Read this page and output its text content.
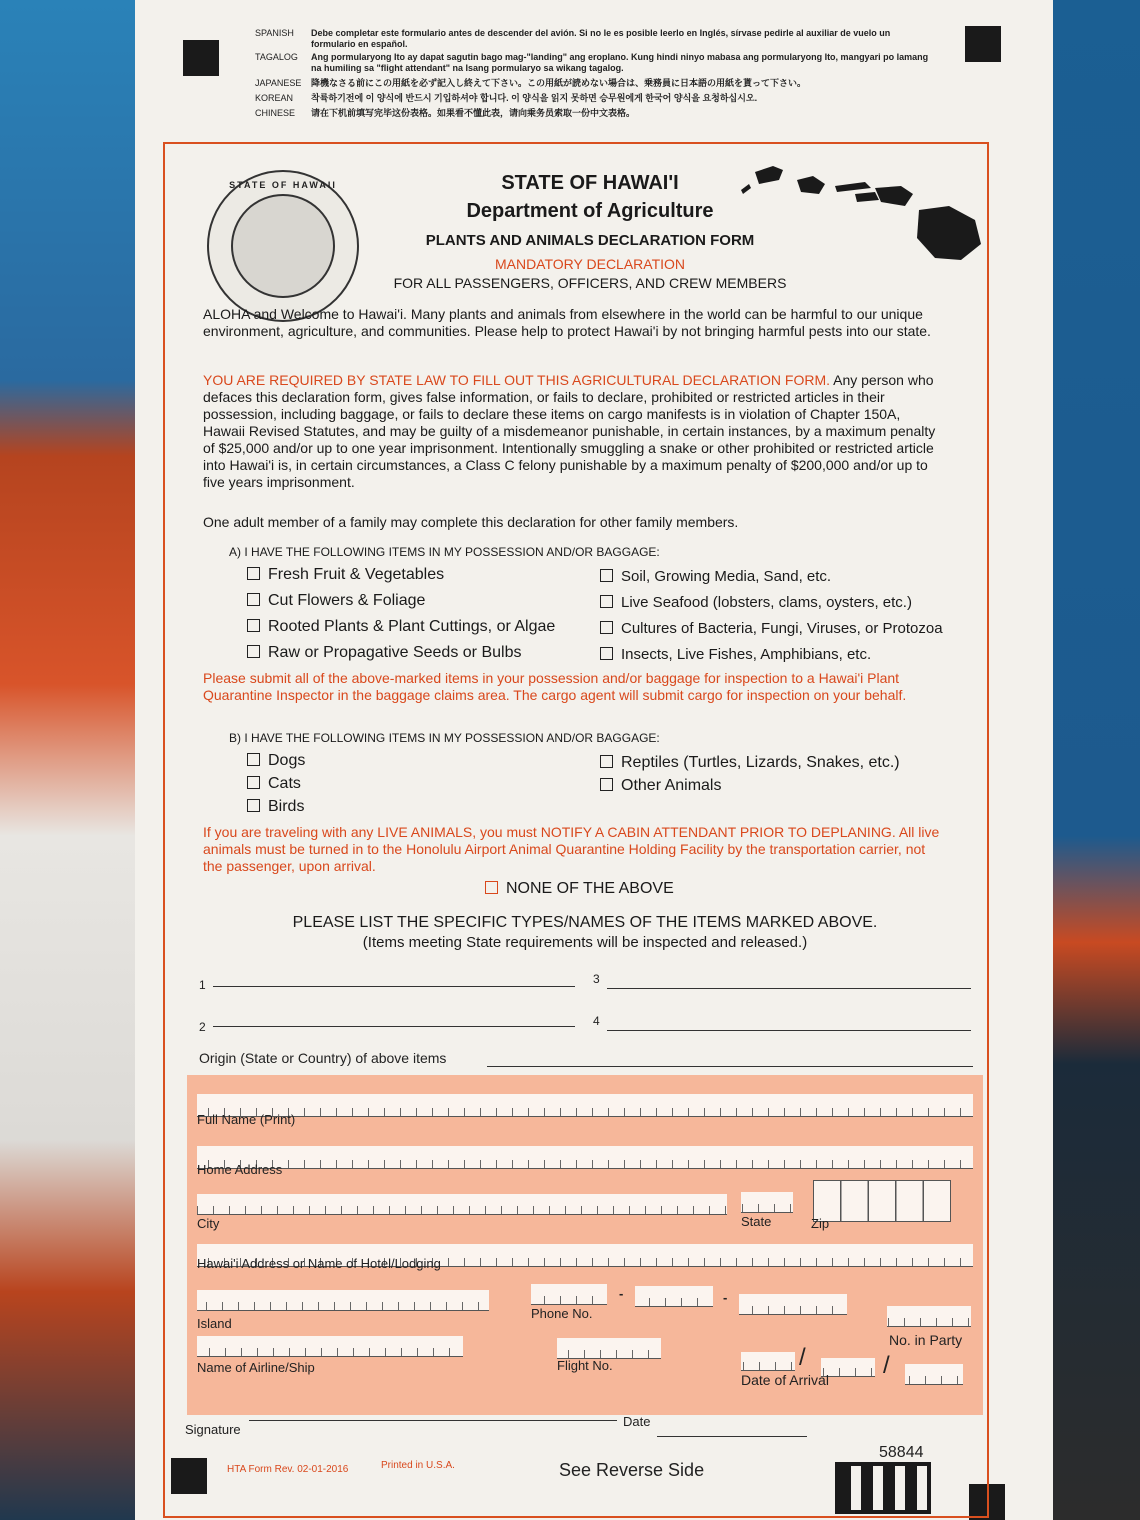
SPANISH	Debe completar este formulario antes de descender del avión. Si no le es posible leerlo en Inglés, sírvase pedirle al auxiliar de vuelo un formulario en español.
TAGALOG	Ang pormularyong Ito ay dapat sagutin bago mag-"landing" ang eroplano. Kung hindi ninyo mabasa ang pormularyong Ito, mangyari po lamang na humiling sa "flight attendant" na Isang pormularyo sa wikang tagalog.
JAPANESE	降機なさる前にこの用紙を必ず記入し終えて下さい。この用紙が読めない場合は、乗務員に日本語の用紙を貰って下さい。
KOREAN	착륙하기전에 이 양식에 반드시 기입하셔야 합니다. 이 양식을 읽지 못하면 승무원에게 한국어 양식을 요청하십시오.
CHINESE	请在下机前填写完毕这份表格。如果看不懂此表，请向乘务员索取一份中文表格。
STATE OF HAWAII	STATE OF HAWAI'I
Department of Agriculture
PLANTS AND ANIMALS DECLARATION FORM
MANDATORY DECLARATION
FOR ALL PASSENGERS, OFFICERS, AND CREW MEMBERS
ALOHA and Welcome to Hawai'i. Many plants and animals from elsewhere in the world can be harmful to our unique environment, agriculture, and communities. Please help to protect Hawai'i by not bringing harmful pests into our state.
YOU ARE REQUIRED BY STATE LAW TO FILL OUT THIS AGRICULTURAL DECLARATION FORM. Any person who defaces this declaration form, gives false information, or fails to declare, prohibited or restricted articles in their possession, including baggage, or fails to declare these items on cargo manifests is in violation of Chapter 150A, Hawaii Revised Statutes, and may be guilty of a misdemeanor punishable, in certain instances, by a maximum penalty of $25,000 and/or up to one year imprisonment. Intentionally smuggling a snake or other prohibited or restricted article into Hawai'i is, in certain circumstances, a Class C felony punishable by a maximum penalty of $200,000 and/or up to five years imprisonment.
One adult member of a family may complete this declaration for other family members.
A) I HAVE THE FOLLOWING ITEMS IN MY POSSESSION AND/OR BAGGAGE:
Fresh Fruit & Vegetables
Cut Flowers & Foliage
Rooted Plants & Plant Cuttings, or Algae
Raw or Propagative Seeds or Bulbs
Soil, Growing Media, Sand, etc.
Live Seafood (lobsters, clams, oysters, etc.)
Cultures of Bacteria, Fungi, Viruses, or Protozoa
Insects, Live Fishes, Amphibians, etc.
Please submit all of the above-marked items in your possession and/or baggage for inspection to a Hawai'i Plant Quarantine Inspector in the baggage claims area. The cargo agent will submit cargo for inspection on your behalf.
B) I HAVE THE FOLLOWING ITEMS IN MY POSSESSION AND/OR BAGGAGE:
Dogs
Cats
Birds
Reptiles (Turtles, Lizards, Snakes, etc.)
Other Animals
If you are traveling with any LIVE ANIMALS, you must NOTIFY A CABIN ATTENDANT PRIOR TO DEPLANING. All live animals must be turned in to the Honolulu Airport Animal Quarantine Holding Facility by the transportation carrier, not the passenger, upon arrival.
NONE OF THE ABOVE
PLEASE LIST THE SPECIFIC TYPES/NAMES OF THE ITEMS MARKED ABOVE.
(Items meeting State requirements will be inspected and released.)
1	3
2	4
Origin (State or Country) of above items
Full Name (Print)
Home Address
City	State	Zip
Hawai'i Address or Name of Hotel/Lodging
Island
-	-
Phone No.
No. in Party
Name of Airline/Ship	Flight No.	/	/
Date of Arrival
Signature
Date
58844
HTA Form Rev. 02-01-2016	Printed in U.S.A.	See Reverse Side
